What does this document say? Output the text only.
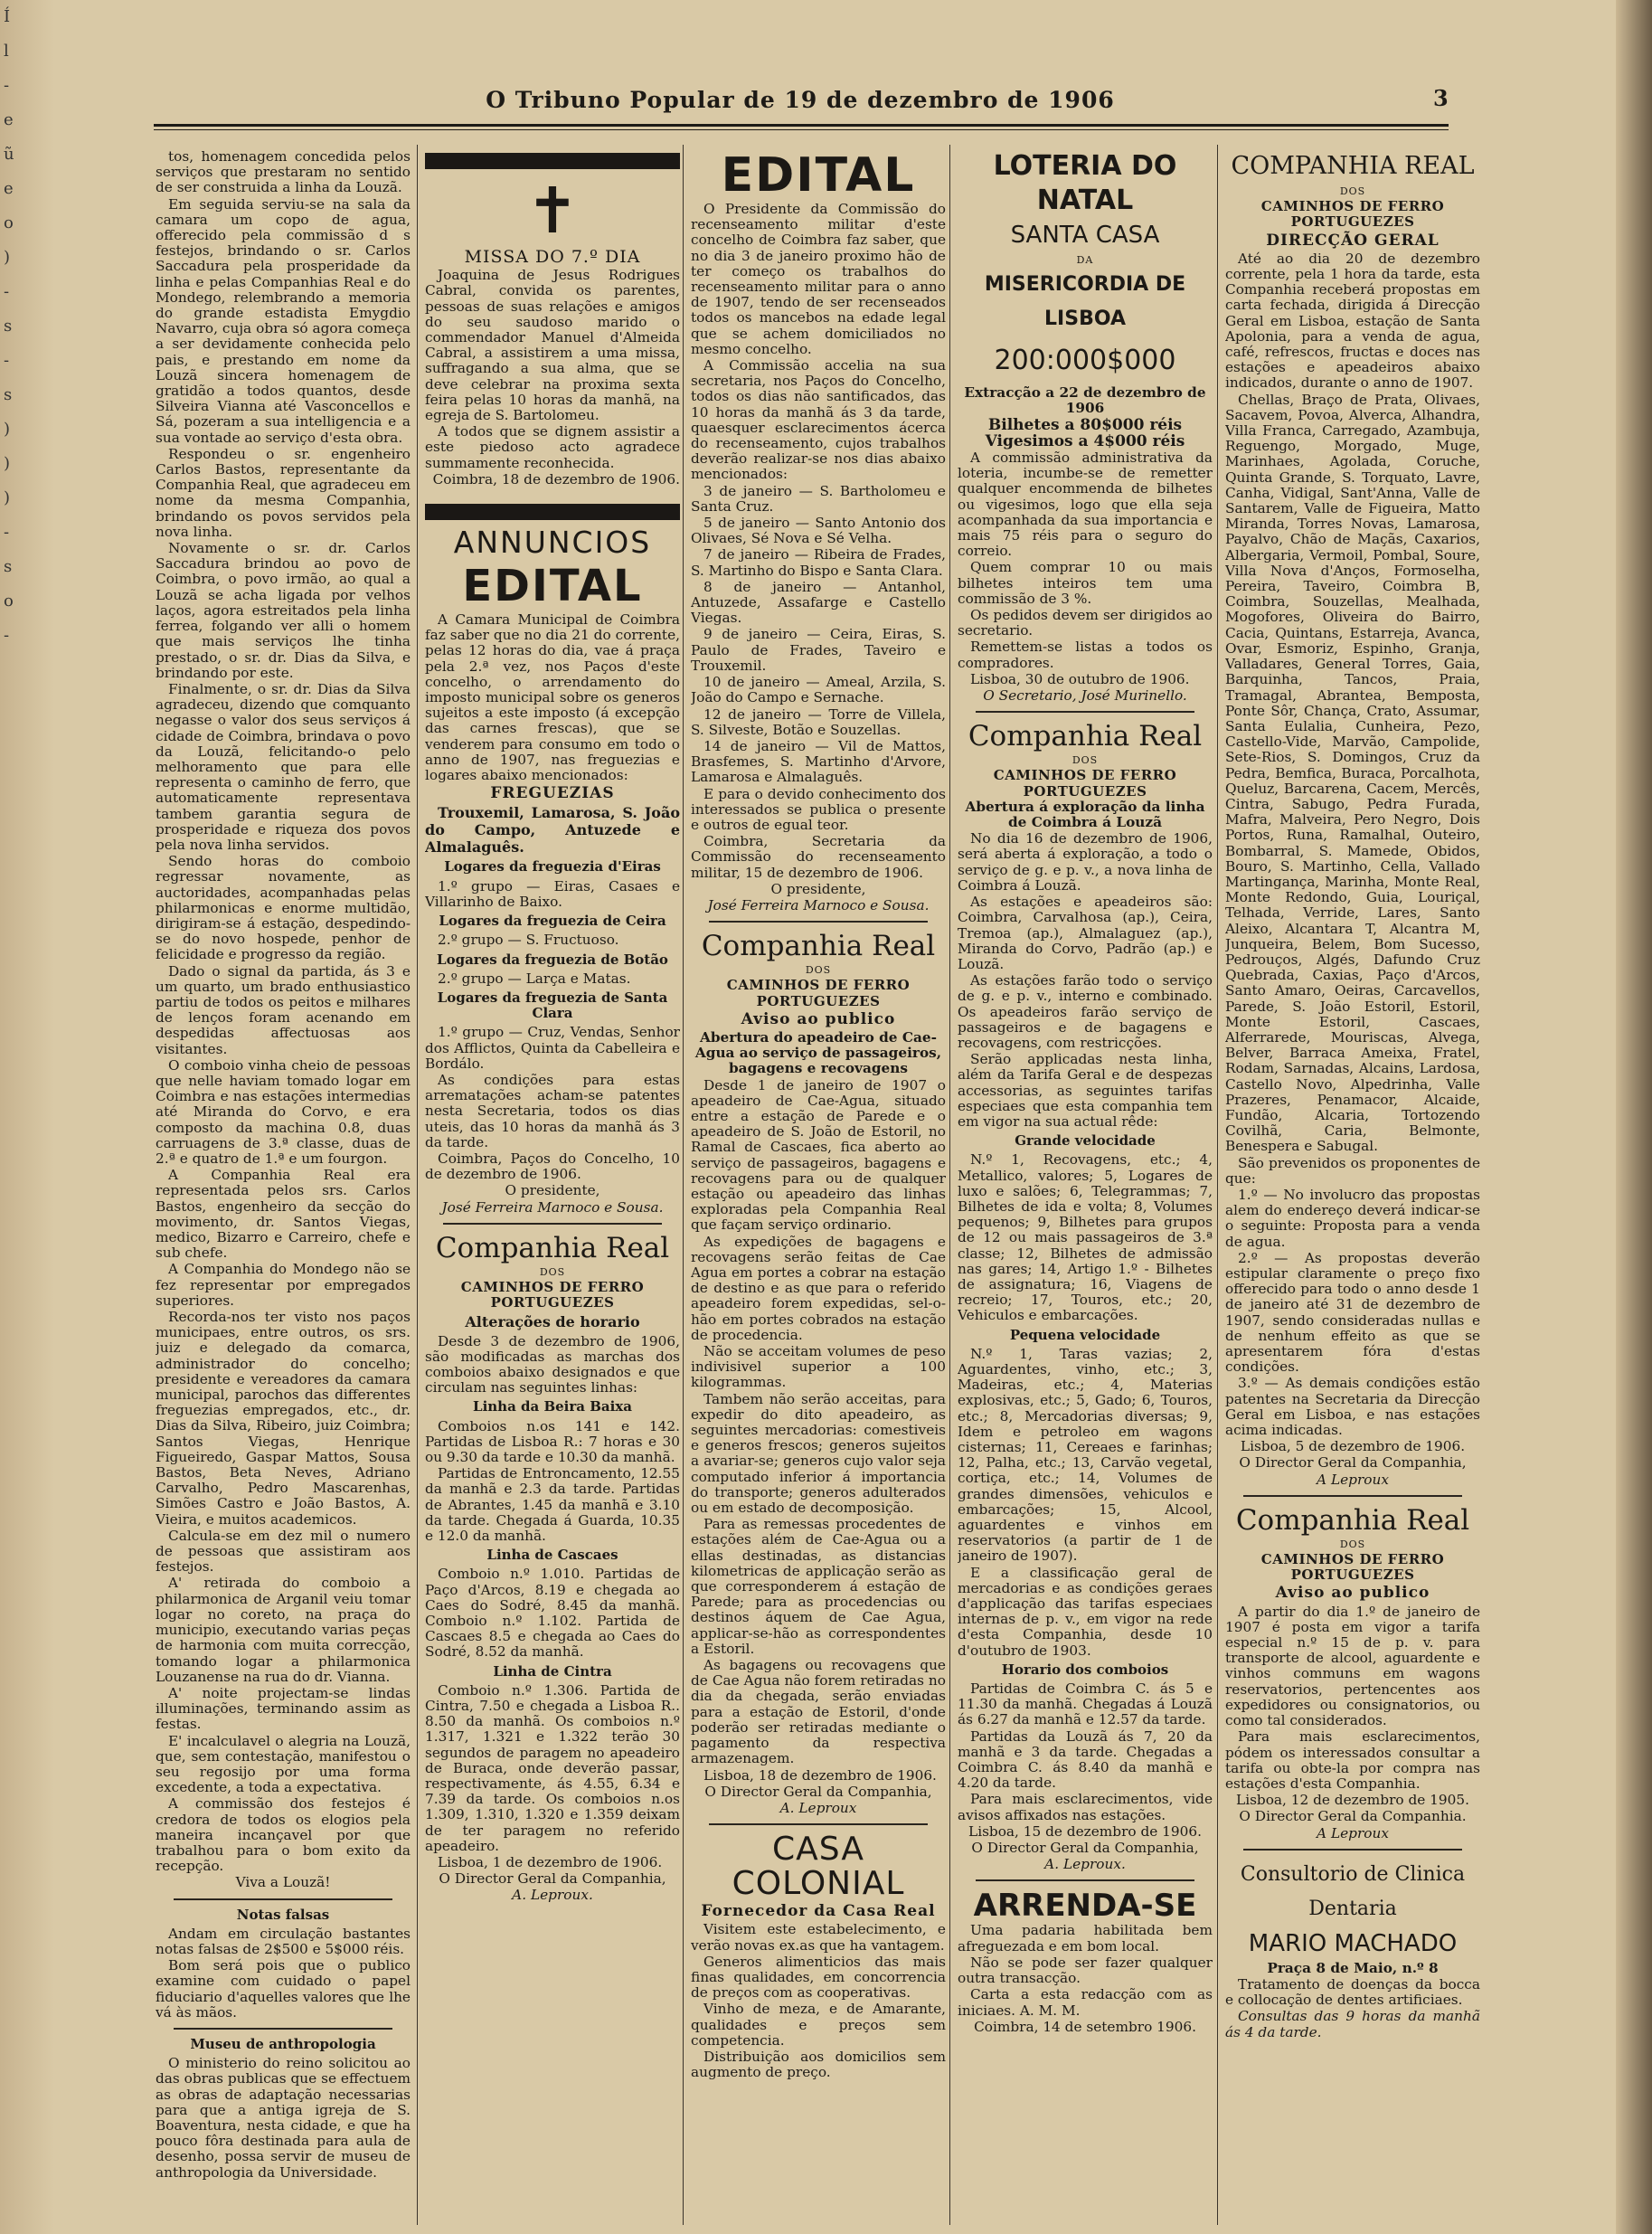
Í
l
-
e
ũ
e
o
)
-
s
-
s
)
)
)
-
s
o
-
O Tribuno Popular de 19 de dezembro de 1906	3

tos, homenagem concedida pelos serviços que prestaram no sentido de ser construida a linha da Louzã.

Em seguida serviu-se na sala da camara um copo de agua, offerecido pela commissão d s festejos, brindando o sr. Carlos Saccadura pela prosperidade da linha e pelas Companhias Real e do Mondego, relembrando a memoria do grande estadista Emygdio Navarro, cuja obra só agora começa a ser devidamente conhecida pelo pais, e prestando em nome da Louzã sincera homenagem de gratidão a todos quantos, desde Silveira Vianna até Vasconcellos e Sá, pozeram a sua intelligencia e a sua vontade ao serviço d'esta obra.

Respondeu o sr. engenheiro Carlos Bastos, representante da Companhia Real, que agradeceu em nome da mesma Companhia, brindando os povos servidos pela nova linha.

Novamente o sr. dr. Carlos Saccadura brindou ao povo de Coimbra, o povo irmão, ao qual a Louzã se acha ligada por velhos laços, agora estreitados pela linha ferrea, folgando ver alli o homem que mais serviços lhe tinha prestado, o sr. dr. Dias da Silva, e brindando por este.

Finalmente, o sr. dr. Dias da Silva agradeceu, dizendo que comquanto negasse o valor dos seus serviços á cidade de Coimbra, brindava o povo da Louzã, felicitando-o pelo melhoramento que para elle representa o caminho de ferro, que automaticamente representava tambem garantia segura de prosperidade e riqueza dos povos pela nova linha servidos.

Sendo horas do comboio regressar novamente, as auctoridades, acompanhadas pelas philarmonicas e enorme multidão, dirigiram-se á estação, despedindo-se do novo hospede, penhor de felicidade e progresso da região.

Dado o signal da partida, ás 3 e um quarto, um brado enthusiastico partiu de todos os peitos e milhares de lenços foram acenando em despedidas affectuosas aos visitantes.

O comboio vinha cheio de pessoas que nelle haviam tomado logar em Coimbra e nas estações intermedias até Miranda do Corvo, e era composto da machina 0.8, duas carruagens de 3.ª classe, duas de 2.ª e quatro de 1.ª e um fourgon.

A Companhia Real era representada pelos srs. Carlos Bastos, engenheiro da secção do movimento, dr. Santos Viegas, medico, Bizarro e Carreiro, chefe e sub chefe.

A Companhia do Mondego não se fez representar por empregados superiores.

Recorda-nos ter visto nos paços municipaes, entre outros, os srs. juiz e delegado da comarca, administrador do concelho; presidente e vereadores da camara municipal, parochos das differentes freguezias empregados, etc., dr. Dias da Silva, Ribeiro, juiz Coimbra; Santos Viegas, Henrique Figueiredo, Gaspar Mattos, Sousa Bastos, Beta Neves, Adriano Carvalho, Pedro Mascarenhas, Simões Castro e João Bastos, A. Vieira, e muitos academicos.

Calcula-se em dez mil o numero de pessoas que assistiram aos festejos.

A' retirada do comboio a philarmonica de Arganil veiu tomar logar no coreto, na praça do municipio, executando varias peças de harmonia com muita correcção, tomando logar a philarmonica Louzanense na rua do dr. Vianna.

A' noite projectam-se lindas illuminações, terminando assim as festas.

E' incalculavel o alegria na Louzã, que, sem contestação, manifestou o seu regosijo por uma forma excedente, a toda a expectativa.

A commissão dos festejos é credora de todos os elogios pela maneira incançavel por que trabalhou para o bom exito da recepção.

Viva a Louzã!

Notas falsas

Andam em circulação bastantes notas falsas de 2$500 e 5$000 réis.

Bom será pois que o publico examine com cuidado o papel fiduciario d'aquelles valores que lhe vá às mãos.

Museu de anthropologia

O ministerio do reino solicitou ao das obras publicas que se effectuem as obras de adaptação necessarias para que a antiga igreja de S. Boaventura, nesta cidade, e que ha pouco fôra destinada para aula de desenho, possa servir de museu de anthropologia da Universidade.

✝
MISSA DO 7.º DIA

Joaquina de Jesus Rodrigues Cabral, convida os parentes, pessoas de suas relações e amigos do seu saudoso marido o commendador Manuel d'Almeida Cabral, a assistirem a uma missa, suffragando a sua alma, que se deve celebrar na proxima sexta feira pelas 10 horas da manhã, na egreja de S. Bartolomeu.

A todos que se dignem assistir a este piedoso acto agradece summamente reconhecida.

Coimbra, 18 de dezembro de 1906.

ANNUNCIOS
EDITAL

A Camara Municipal de Coimbra faz saber que no dia 21 do corrente, pelas 12 horas do dia, vae á praça pela 2.ª vez, nos Paços d'este concelho, o arrendamento do imposto municipal sobre os generos sujeitos a este imposto (á excepção das carnes frescas), que se venderem para consumo em todo o anno de 1907, nas freguezias e logares abaixo mencionados:

FREGUEZIAS

Trouxemil, Lamarosa, S. João do Campo, Antuzede e Almalaguês.

Logares da freguezia d'Eiras

1.º grupo — Eiras, Casaes e Villarinho de Baixo.

Logares da freguezia de Ceira

2.º grupo — S. Fructuoso.

Logares da freguezia de Botão

2.º grupo — Larça e Matas.

Logares da freguezia de Santa Clara

1.º grupo — Cruz, Vendas, Senhor dos Afflictos, Quinta da Cabelleira e Bordálo.

As condições para estas arrematações acham-se patentes nesta Secretaria, todos os dias uteis, das 10 horas da manhã ás 3 da tarde.

Coimbra, Paços do Concelho, 10 de dezembro de 1906.

O presidente,

José Ferreira Marnoco e Sousa.

Companhia Real
DOS
CAMINHOS DE FERRO PORTUGUEZES
Alterações de horario

Desde 3 de dezembro de 1906, são modificadas as marchas dos comboios abaixo designados e que circulam nas seguintes linhas:

Linha da Beira Baixa

Comboios n.os 141 e 142. Partidas de Lisboa R.: 7 horas e 30 ou 9.30 da tarde e 10.30 da manhã.

Partidas de Entroncamento, 12.55 da manhã e 2.3 da tarde. Partidas de Abrantes, 1.45 da manhã e 3.10 da tarde. Chegada á Guarda, 10.35 e 12.0 da manhã.

Linha de Cascaes

Comboio n.º 1.010. Partidas de Paço d'Arcos, 8.19 e chegada ao Caes do Sodré, 8.45 da manhã. Comboio n.º 1.102. Partida de Cascaes 8.5 e chegada ao Caes do Sodré, 8.52 da manhã.

Linha de Cintra

Comboio n.º 1.306. Partida de Cintra, 7.50 e chegada a Lisboa R.. 8.50 da manhã. Os comboios n.º 1.317, 1.321 e 1.322 terão 30 segundos de paragem no apeadeiro de Buraca, onde deverão passar, respectivamente, ás 4.55, 6.34 e 7.39 da tarde. Os comboios n.os 1.309, 1.310, 1.320 e 1.359 deixam de ter paragem no referido apeadeiro.

Lisboa, 1 de dezembro de 1906.

O Director Geral da Companhia,

A. Leproux.

EDITAL

O Presidente da Commissão do recenseamento militar d'este concelho de Coimbra faz saber, que no dia 3 de janeiro proximo hão de ter começo os trabalhos do recenseamento militar para o anno de 1907, tendo de ser recenseados todos os mancebos na edade legal que se achem domiciliados no mesmo concelho.

A Commissão accelia na sua secretaria, nos Paços do Concelho, todos os dias não santificados, das 10 horas da manhã ás 3 da tarde, quaesquer esclarecimentos ácerca do recenseamento, cujos trabalhos deverão realizar-se nos dias abaixo mencionados:

3 de janeiro — S. Bartholomeu e Santa Cruz.

5 de janeiro — Santo Antonio dos Olivaes, Sé Nova e Sé Velha.

7 de janeiro — Ribeira de Frades, S. Martinho do Bispo e Santa Clara.

8 de janeiro — Antanhol, Antuzede, Assafarge e Castello Viegas.

9 de janeiro — Ceira, Eiras, S. Paulo de Frades, Taveiro e Trouxemil.

10 de janeiro — Ameal, Arzila, S. João do Campo e Sernache.

12 de janeiro — Torre de Villela, S. Silveste, Botão e Souzellas.

14 de janeiro — Vil de Mattos, Brasfemes, S. Martinho d'Arvore, Lamarosa e Almalaguês.

E para o devido conhecimento dos interessados se publica o presente e outros de egual teor.

Coimbra, Secretaria da Commissão do recenseamento militar, 15 de dezembro de 1906.

O presidente,

José Ferreira Marnoco e Sousa.

Companhia Real
DOS
CAMINHOS DE FERRO PORTUGUEZES
Aviso ao publico

Abertura do apeadeiro de Cae-Agua ao serviço de passageiros, bagagens e recovagens

Desde 1 de janeiro de 1907 o apeadeiro de Cae-Agua, situado entre a estação de Parede e o apeadeiro de S. João de Estoril, no Ramal de Cascaes, fica aberto ao serviço de passageiros, bagagens e recovagens para ou de qualquer estação ou apeadeiro das linhas exploradas pela Companhia Real que façam serviço ordinario.

As expedições de bagagens e recovagens serão feitas de Cae Agua em portes a cobrar na estação de destino e as que para o referido apeadeiro forem expedidas, sel-o-hão em portes cobrados na estação de procedencia.

Não se acceitam volumes de peso indivisivel superior a 100 kilogrammas.

Tambem não serão acceitas, para expedir do dito apeadeiro, as seguintes mercadorias: comestiveis e generos frescos; generos sujeitos a avariar-se; generos cujo valor seja computado inferior á importancia do transporte; generos adulterados ou em estado de decomposição.

Para as remessas procedentes de estações além de Cae-Agua ou a ellas destinadas, as distancias kilometricas de applicação serão as que corresponderem á estação de Parede; para as procedencias ou destinos áquem de Cae Agua, applicar-se-hão as correspondentes a Estoril.

As bagagens ou recovagens que de Cae Agua não forem retiradas no dia da chegada, serão enviadas para a estação de Estoril, d'onde poderão ser retiradas mediante o pagamento da respectiva armazenagem.

Lisboa, 18 de dezembro de 1906.

O Director Geral da Companhia,

A. Leproux

CASA COLONIAL
Fornecedor da Casa Real

Visitem este estabelecimento, e verão novas ex.as que ha vantagem.

Generos alimenticios das mais finas qualidades, em concorrencia de preços com as cooperativas.

Vinho de meza, e de Amarante, qualidades e preços sem competencia.

Distribuição aos domicilios sem augmento de preço.

LOTERIA DO NATAL
SANTA CASA
DA
MISERICORDIA DE LISBOA
200:000$000

Extracção a 22 de dezembro de 1906

Bilhetes a 80$000 réis

Vigesimos a 4$000 réis

A commissão administrativa da loteria, incumbe-se de remetter qualquer encommenda de bilhetes ou vigesimos, logo que ella seja acompanhada da sua importancia e mais 75 réis para o seguro do correio.

Quem comprar 10 ou mais bilhetes inteiros tem uma commissão de 3 %.

Os pedidos devem ser dirigidos ao secretario.

Remettem-se listas a todos os compradores.

Lisboa, 30 de outubro de 1906.

O Secretario, José Murinello.

Companhia Real
DOS
CAMINHOS DE FERRO PORTUGUEZES

Abertura á exploração da linha de Coimbra á Louzã

No dia 16 de dezembro de 1906, será aberta á exploração, a todo o serviço de g. e p. v., a nova linha de Coimbra á Louzã.

As estações e apeadeiros são: Coimbra, Carvalhosa (ap.), Ceira, Tremoa (ap.), Almalaguez (ap.), Miranda do Corvo, Padrão (ap.) e Louzã.

As estações farão todo o serviço de g. e p. v., interno e combinado. Os apeadeiros farão serviço de passageiros e de bagagens e recovagens, com restricções.

Serão applicadas nesta linha, além da Tarifa Geral e de despezas accessorias, as seguintes tarifas especiaes que esta companhia tem em vigor na sua actual rêde:

Grande velocidade

N.º 1, Recovagens, etc.; 4, Metallico, valores; 5, Logares de luxo e salões; 6, Telegrammas; 7, Bilhetes de ida e volta; 8, Volumes pequenos; 9, Bilhetes para grupos de 12 ou mais passageiros de 3.ª classe; 12, Bilhetes de admissão nas gares; 14, Artigo 1.º - Bilhetes de assignatura; 16, Viagens de recreio; 17, Touros, etc.; 20, Vehiculos e embarcações.

Pequena velocidade

N.º 1, Taras vazias; 2, Aguardentes, vinho, etc.; 3, Madeiras, etc.; 4, Materias explosivas, etc.; 5, Gado; 6, Touros, etc.; 8, Mercadorias diversas; 9, Idem e petroleo em wagons cisternas; 11, Cereaes e farinhas; 12, Palha, etc.; 13, Carvão vegetal, cortiça, etc.; 14, Volumes de grandes dimensões, vehiculos e embarcações; 15, Alcool, aguardentes e vinhos em reservatorios (a partir de 1 de janeiro de 1907).

E a classificação geral de mercadorias e as condições geraes d'applicação das tarifas especiaes internas de p. v., em vigor na rede d'esta Companhia, desde 10 d'outubro de 1903.

Horario dos comboios

Partidas de Coimbra C. ás 5 e 11.30 da manhã. Chegadas á Louzã ás 6.27 da manhã e 12.57 da tarde.

Partidas da Louzã ás 7, 20 da manhã e 3 da tarde. Chegadas a Coimbra C. ás 8.40 da manhã e 4.20 da tarde.

Para mais esclarecimentos, vide avisos affixados nas estações.

Lisboa, 15 de dezembro de 1906.

O Director Geral da Companhia,

A. Leproux.

ARRENDA-SE

Uma padaria habilitada bem afreguezada e em bom local.

Não se pode ser fazer qualquer outra transacção.

Carta a esta redacção com as iniciaes. A. M. M.

Coimbra, 14 de setembro 1906.

COMPANHIA REAL
DOS
CAMINHOS DE FERRO PORTUGUEZES
DIRECÇÃO GERAL

Até ao dia 20 de dezembro corrente, pela 1 hora da tarde, esta Companhia receberá propostas em carta fechada, dirigida á Direcção Geral em Lisboa, estação de Santa Apolonia, para a venda de agua, café, refrescos, fructas e doces nas estações e apeadeiros abaixo indicados, durante o anno de 1907.

Chellas, Braço de Prata, Olivaes, Sacavem, Povoa, Alverca, Alhandra, Villa Franca, Carregado, Azambuja, Reguengo, Morgado, Muge, Marinhaes, Agolada, Coruche, Quinta Grande, S. Torquato, Lavre, Canha, Vidigal, Sant'Anna, Valle de Santarem, Valle de Figueira, Matto Miranda, Torres Novas, Lamarosa, Payalvo, Chão de Maçãs, Caxarios, Albergaria, Vermoil, Pombal, Soure, Villa Nova d'Anços, Formoselha, Pereira, Taveiro, Coimbra B, Coimbra, Souzellas, Mealhada, Mogofores, Oliveira do Bairro, Cacia, Quintans, Estarreja, Avanca, Ovar, Esmoriz, Espinho, Granja, Valladares, General Torres, Gaia, Barquinha, Tancos, Praia, Tramagal, Abrantea, Bemposta, Ponte Sôr, Chança, Crato, Assumar, Santa Eulalia, Cunheira, Pezo, Castello-Vide, Marvão, Campolide, Sete-Rios, S. Domingos, Cruz da Pedra, Bemfica, Buraca, Porcalhota, Queluz, Barcarena, Cacem, Mercês, Cintra, Sabugo, Pedra Furada, Mafra, Malveira, Pero Negro, Dois Portos, Runa, Ramalhal, Outeiro, Bombarral, S. Mamede, Obidos, Bouro, S. Martinho, Cella, Vallado Martingança, Marinha, Monte Real, Monte Redondo, Guia, Louriçal, Telhada, Verride, Lares, Santo Aleixo, Alcantara T, Alcantra M, Junqueira, Belem, Bom Sucesso, Pedrouços, Algés, Dafundo Cruz Quebrada, Caxias, Paço d'Arcos, Santo Amaro, Oeiras, Carcavellos, Parede, S. João Estoril, Estoril, Monte Estoril, Cascaes, Alferrarede, Mouriscas, Alvega, Belver, Barraca Ameixa, Fratel, Rodam, Sarnadas, Alcains, Lardosa, Castello Novo, Alpedrinha, Valle Prazeres, Penamacor, Alcaide, Fundão, Alcaria, Tortozendo Covilhã, Caria, Belmonte, Benespera e Sabugal.

São prevenidos os proponentes de que:

1.º — No involucro das propostas alem do endereço deverá indicar-se o seguinte: Proposta para a venda de agua.

2.º — As propostas deverão estipular claramente o preço fixo offerecido para todo o anno desde 1 de janeiro até 31 de dezembro de 1907, sendo consideradas nullas e de nenhum effeito as que se apresentarem fóra d'estas condições.

3.º — As demais condições estão patentes na Secretaria da Direcção Geral em Lisboa, e nas estações acima indicadas.

Lisboa, 5 de dezembro de 1906.

O Director Geral da Companhia,

A Leproux

Companhia Real
DOS
CAMINHOS DE FERRO PORTUGUEZES
Aviso ao publico

A partir do dia 1.º de janeiro de 1907 é posta em vigor a tarifa especial n.º 15 de p. v. para transporte de alcool, aguardente e vinhos communs em wagons reservatorios, pertencentes aos expedidores ou consignatorios, ou como tal considerados.

Para mais esclarecimentos, pódem os interessados consultar a tarifa ou obte-la por compra nas estações d'esta Companhia.

Lisboa, 12 de dezembro de 1905.

O Director Geral da Companhia.

A Leproux

Consultorio de Clinica Dentaria
MARIO MACHADO

Praça 8 de Maio, n.º 8

Tratamento de doenças da bocca e collocação de dentes artificiaes.

Consultas das 9 horas da manhã ás 4 da tarde.
